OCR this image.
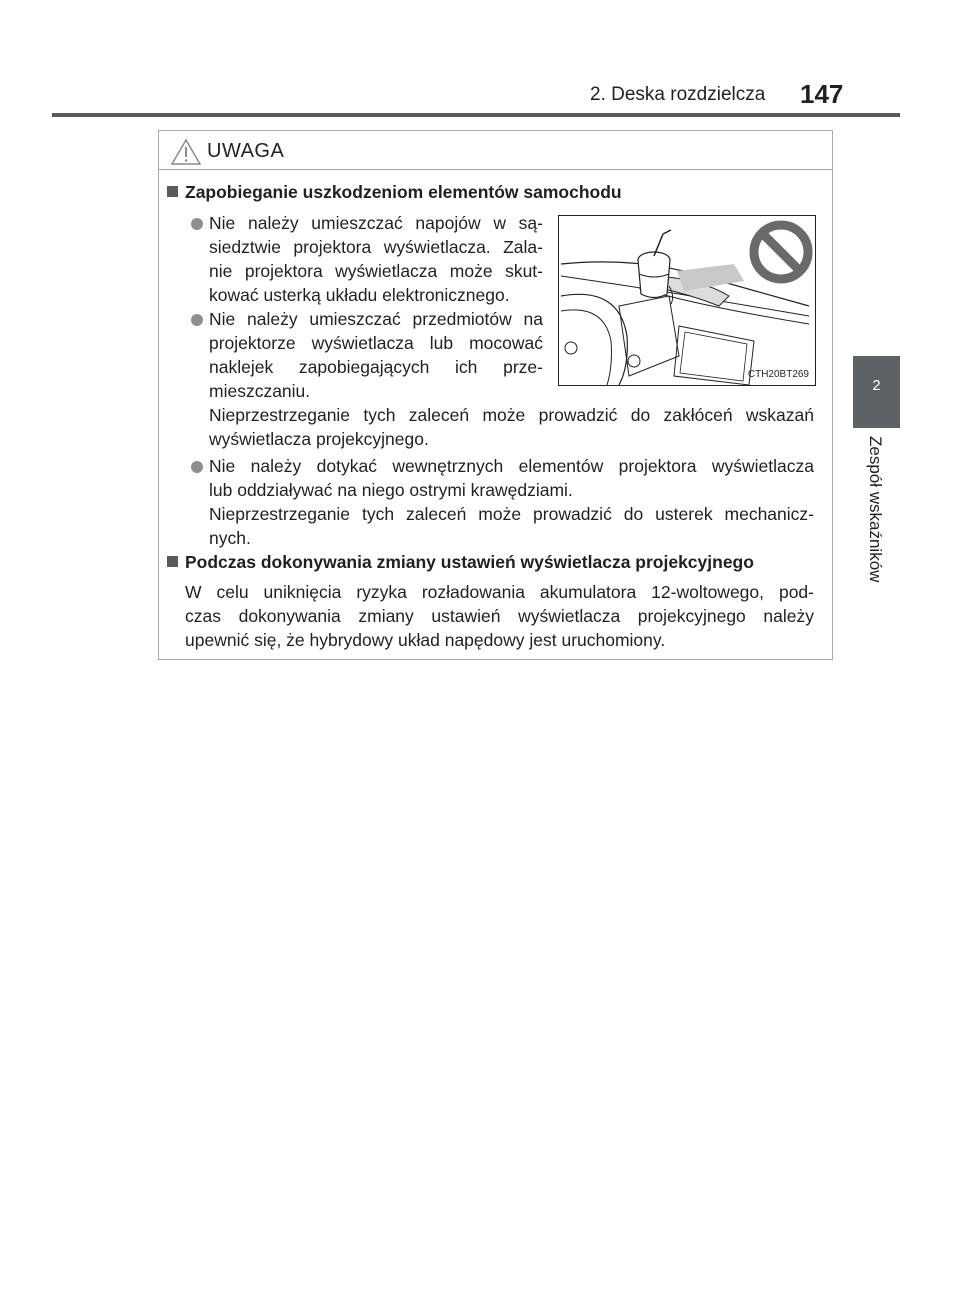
2. Deska rozdzielcza 147
2
Zespół wskaźników
UWAGA
Zapobieganie uszkodzeniom elementów samochodu
Nie należy umieszczać napojów w są-
siedztwie projektora wyświetlacza. Zala-
nie projektora wyświetlacza może skut-
kować usterką układu elektronicznego.
Nie należy umieszczać przedmiotów na
projektorze wyświetlacza lub mocować
naklejek zapobiegających ich prze-
mieszczaniu.
Nieprzestrzeganie tych zaleceń może prowadzić do zakłóceń wskazań
wyświetlacza projekcyjnego.
Nie należy dotykać wewnętrznych elementów projektora wyświetlacza
lub oddziaływać na niego ostrymi krawędziami.
Nieprzestrzeganie tych zaleceń może prowadzić do usterek mechanicz-
nych.
Podczas dokonywania zmiany ustawień wyświetlacza projekcyjnego
W celu uniknięcia ryzyka rozładowania akumulatora 12-woltowego, pod-
czas dokonywania zmiany ustawień wyświetlacza projekcyjnego należy
upewnić się, że hybrydowy układ napędowy jest uruchomiony.
CTH20BT269
